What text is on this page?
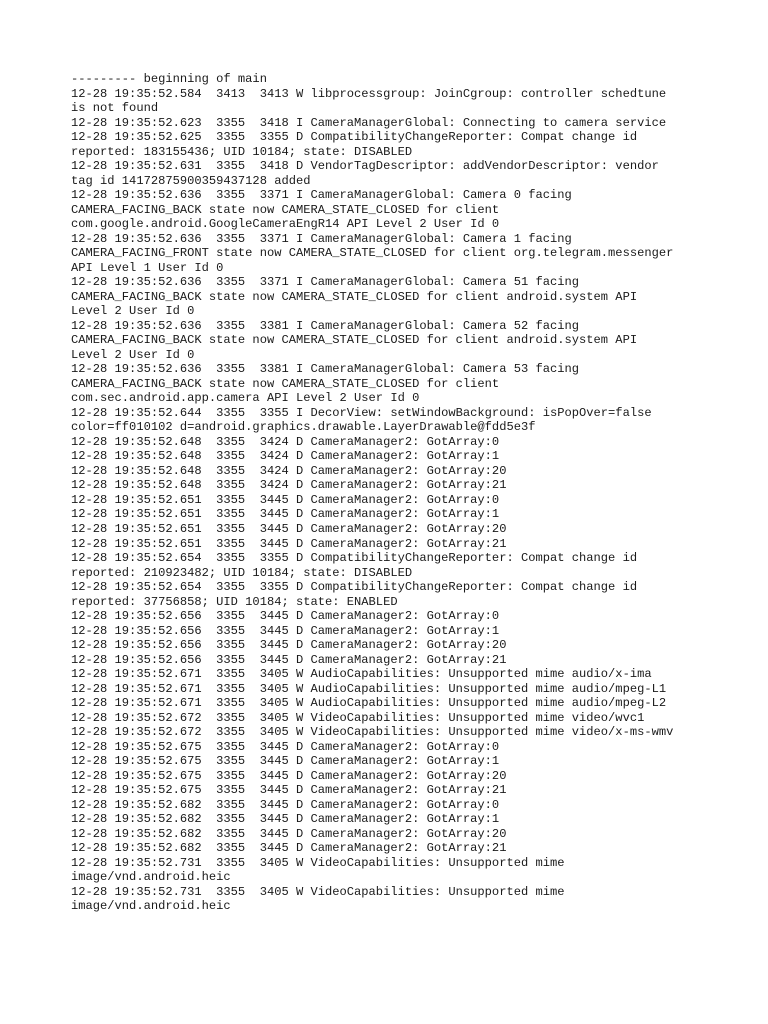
--------- beginning of main
12-28 19:35:52.584  3413  3413 W libprocessgroup: JoinCgroup: controller schedtune
is not found
12-28 19:35:52.623  3355  3418 I CameraManagerGlobal: Connecting to camera service
12-28 19:35:52.625  3355  3355 D CompatibilityChangeReporter: Compat change id
reported: 183155436; UID 10184; state: DISABLED
12-28 19:35:52.631  3355  3418 D VendorTagDescriptor: addVendorDescriptor: vendor
tag id 14172875900359437128 added
12-28 19:35:52.636  3355  3371 I CameraManagerGlobal: Camera 0 facing
CAMERA_FACING_BACK state now CAMERA_STATE_CLOSED for client
com.google.android.GoogleCameraEngR14 API Level 2 User Id 0
12-28 19:35:52.636  3355  3371 I CameraManagerGlobal: Camera 1 facing
CAMERA_FACING_FRONT state now CAMERA_STATE_CLOSED for client org.telegram.messenger
API Level 1 User Id 0
12-28 19:35:52.636  3355  3371 I CameraManagerGlobal: Camera 51 facing
CAMERA_FACING_BACK state now CAMERA_STATE_CLOSED for client android.system API
Level 2 User Id 0
12-28 19:35:52.636  3355  3381 I CameraManagerGlobal: Camera 52 facing
CAMERA_FACING_BACK state now CAMERA_STATE_CLOSED for client android.system API
Level 2 User Id 0
12-28 19:35:52.636  3355  3381 I CameraManagerGlobal: Camera 53 facing
CAMERA_FACING_BACK state now CAMERA_STATE_CLOSED for client
com.sec.android.app.camera API Level 2 User Id 0
12-28 19:35:52.644  3355  3355 I DecorView: setWindowBackground: isPopOver=false
color=ff010102 d=android.graphics.drawable.LayerDrawable@fdd5e3f
12-28 19:35:52.648  3355  3424 D CameraManager2: GotArray:0
12-28 19:35:52.648  3355  3424 D CameraManager2: GotArray:1
12-28 19:35:52.648  3355  3424 D CameraManager2: GotArray:20
12-28 19:35:52.648  3355  3424 D CameraManager2: GotArray:21
12-28 19:35:52.651  3355  3445 D CameraManager2: GotArray:0
12-28 19:35:52.651  3355  3445 D CameraManager2: GotArray:1
12-28 19:35:52.651  3355  3445 D CameraManager2: GotArray:20
12-28 19:35:52.651  3355  3445 D CameraManager2: GotArray:21
12-28 19:35:52.654  3355  3355 D CompatibilityChangeReporter: Compat change id
reported: 210923482; UID 10184; state: DISABLED
12-28 19:35:52.654  3355  3355 D CompatibilityChangeReporter: Compat change id
reported: 37756858; UID 10184; state: ENABLED
12-28 19:35:52.656  3355  3445 D CameraManager2: GotArray:0
12-28 19:35:52.656  3355  3445 D CameraManager2: GotArray:1
12-28 19:35:52.656  3355  3445 D CameraManager2: GotArray:20
12-28 19:35:52.656  3355  3445 D CameraManager2: GotArray:21
12-28 19:35:52.671  3355  3405 W AudioCapabilities: Unsupported mime audio/x-ima
12-28 19:35:52.671  3355  3405 W AudioCapabilities: Unsupported mime audio/mpeg-L1
12-28 19:35:52.671  3355  3405 W AudioCapabilities: Unsupported mime audio/mpeg-L2
12-28 19:35:52.672  3355  3405 W VideoCapabilities: Unsupported mime video/wvc1
12-28 19:35:52.672  3355  3405 W VideoCapabilities: Unsupported mime video/x-ms-wmv
12-28 19:35:52.675  3355  3445 D CameraManager2: GotArray:0
12-28 19:35:52.675  3355  3445 D CameraManager2: GotArray:1
12-28 19:35:52.675  3355  3445 D CameraManager2: GotArray:20
12-28 19:35:52.675  3355  3445 D CameraManager2: GotArray:21
12-28 19:35:52.682  3355  3445 D CameraManager2: GotArray:0
12-28 19:35:52.682  3355  3445 D CameraManager2: GotArray:1
12-28 19:35:52.682  3355  3445 D CameraManager2: GotArray:20
12-28 19:35:52.682  3355  3445 D CameraManager2: GotArray:21
12-28 19:35:52.731  3355  3405 W VideoCapabilities: Unsupported mime
image/vnd.android.heic
12-28 19:35:52.731  3355  3405 W VideoCapabilities: Unsupported mime
image/vnd.android.heic
